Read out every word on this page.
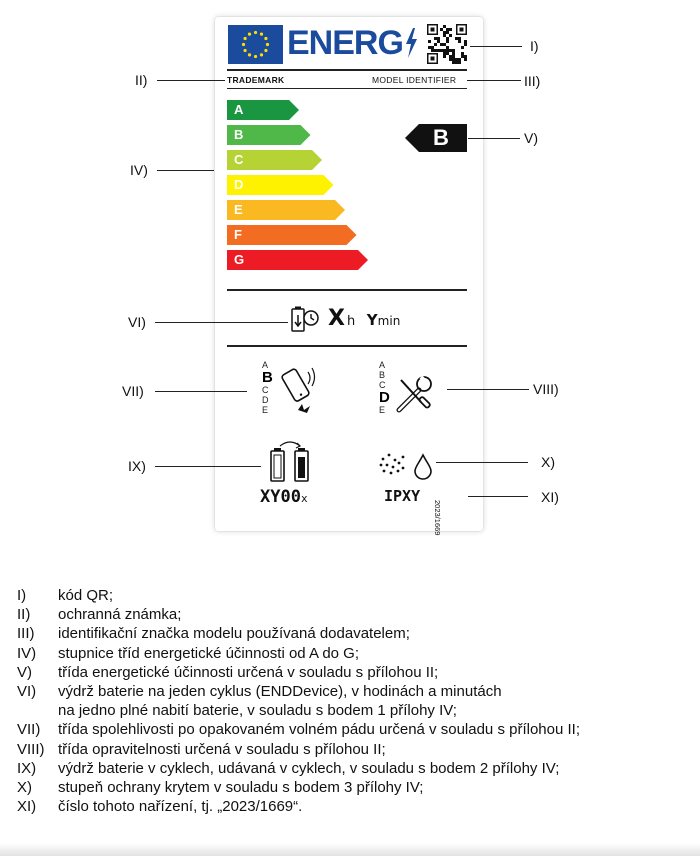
ENERG
TRADEMARK	MODEL IDENTIFIER
A
B
C
D
E
F
G
B
Xh Ymin
A
B
C
D
E
A
B
C
D
E
XY00x	IPXY
2023/1669
I)
II)	III)
IV)
V)
VI)
VII)	VIII)
IX)	X)
XI)
I)	kód QR;
II)	ochranná známka;
III)	identifikační značka modelu používaná dodavatelem;
IV)	stupnice tříd energetické účinnosti od A do G;
V)	třída energetické účinnosti určená v souladu s přílohou II;
VI)	výdrž baterie na jeden cyklus (ENDDevice), v hodinách a minutách
na jedno plné nabití baterie, v souladu s bodem 1 přílohy IV;
VII)	třída spolehlivosti po opakovaném volném pádu určená v souladu s přílohou II;
VIII) třída opravitelnosti určená v souladu s přílohou II;
IX)	výdrž baterie v cyklech, udávaná v cyklech, v souladu s bodem 2 přílohy IV;
X)	stupeň ochrany krytem v souladu s bodem 3 přílohy IV;
XI)	číslo tohoto nařízení, tj. „2023/1669“.
